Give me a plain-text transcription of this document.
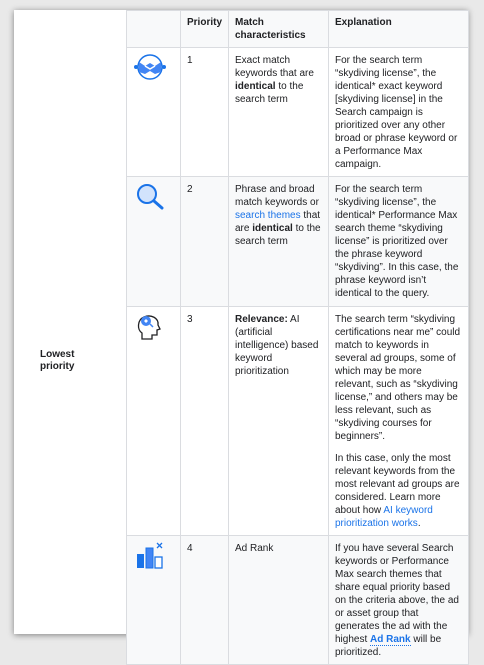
Top priority
Lowest priority
	Priority	Match characteristics	Explanation

	1	Exact match keywords that are identical to the search term	For the search term “skydiving license”, the identical* exact keyword [skydiving license] in the Search campaign is prioritized over any other broad or phrase keyword or a Performance Max campaign.

	2	Phrase and broad match keywords or search themes that are identical to the search term	For the search term “skydiving license”, the identical* Performance Max search theme “skydiving license” is prioritized over the phrase keyword “skydiving”. In this case, the phrase keyword isn’t identical to the query.

	3	Relevance: AI (artificial intelligence) based keyword prioritization	The search term “skydiving certifications near me” could match to keywords in several ad groups, some of which may be more relevant, such as “skydiving license,” and others may be less relevant, such as “skydiving courses for beginners”.

In this case, only the most relevant keywords from the most relevant ad groups are considered. Learn more about how AI keyword prioritization works.

	4	Ad Rank	If you have several Search keywords or Performance Max search themes that share equal priority based on the criteria above, the ad or asset group that generates the ad with the highest Ad Rank will be prioritized.
